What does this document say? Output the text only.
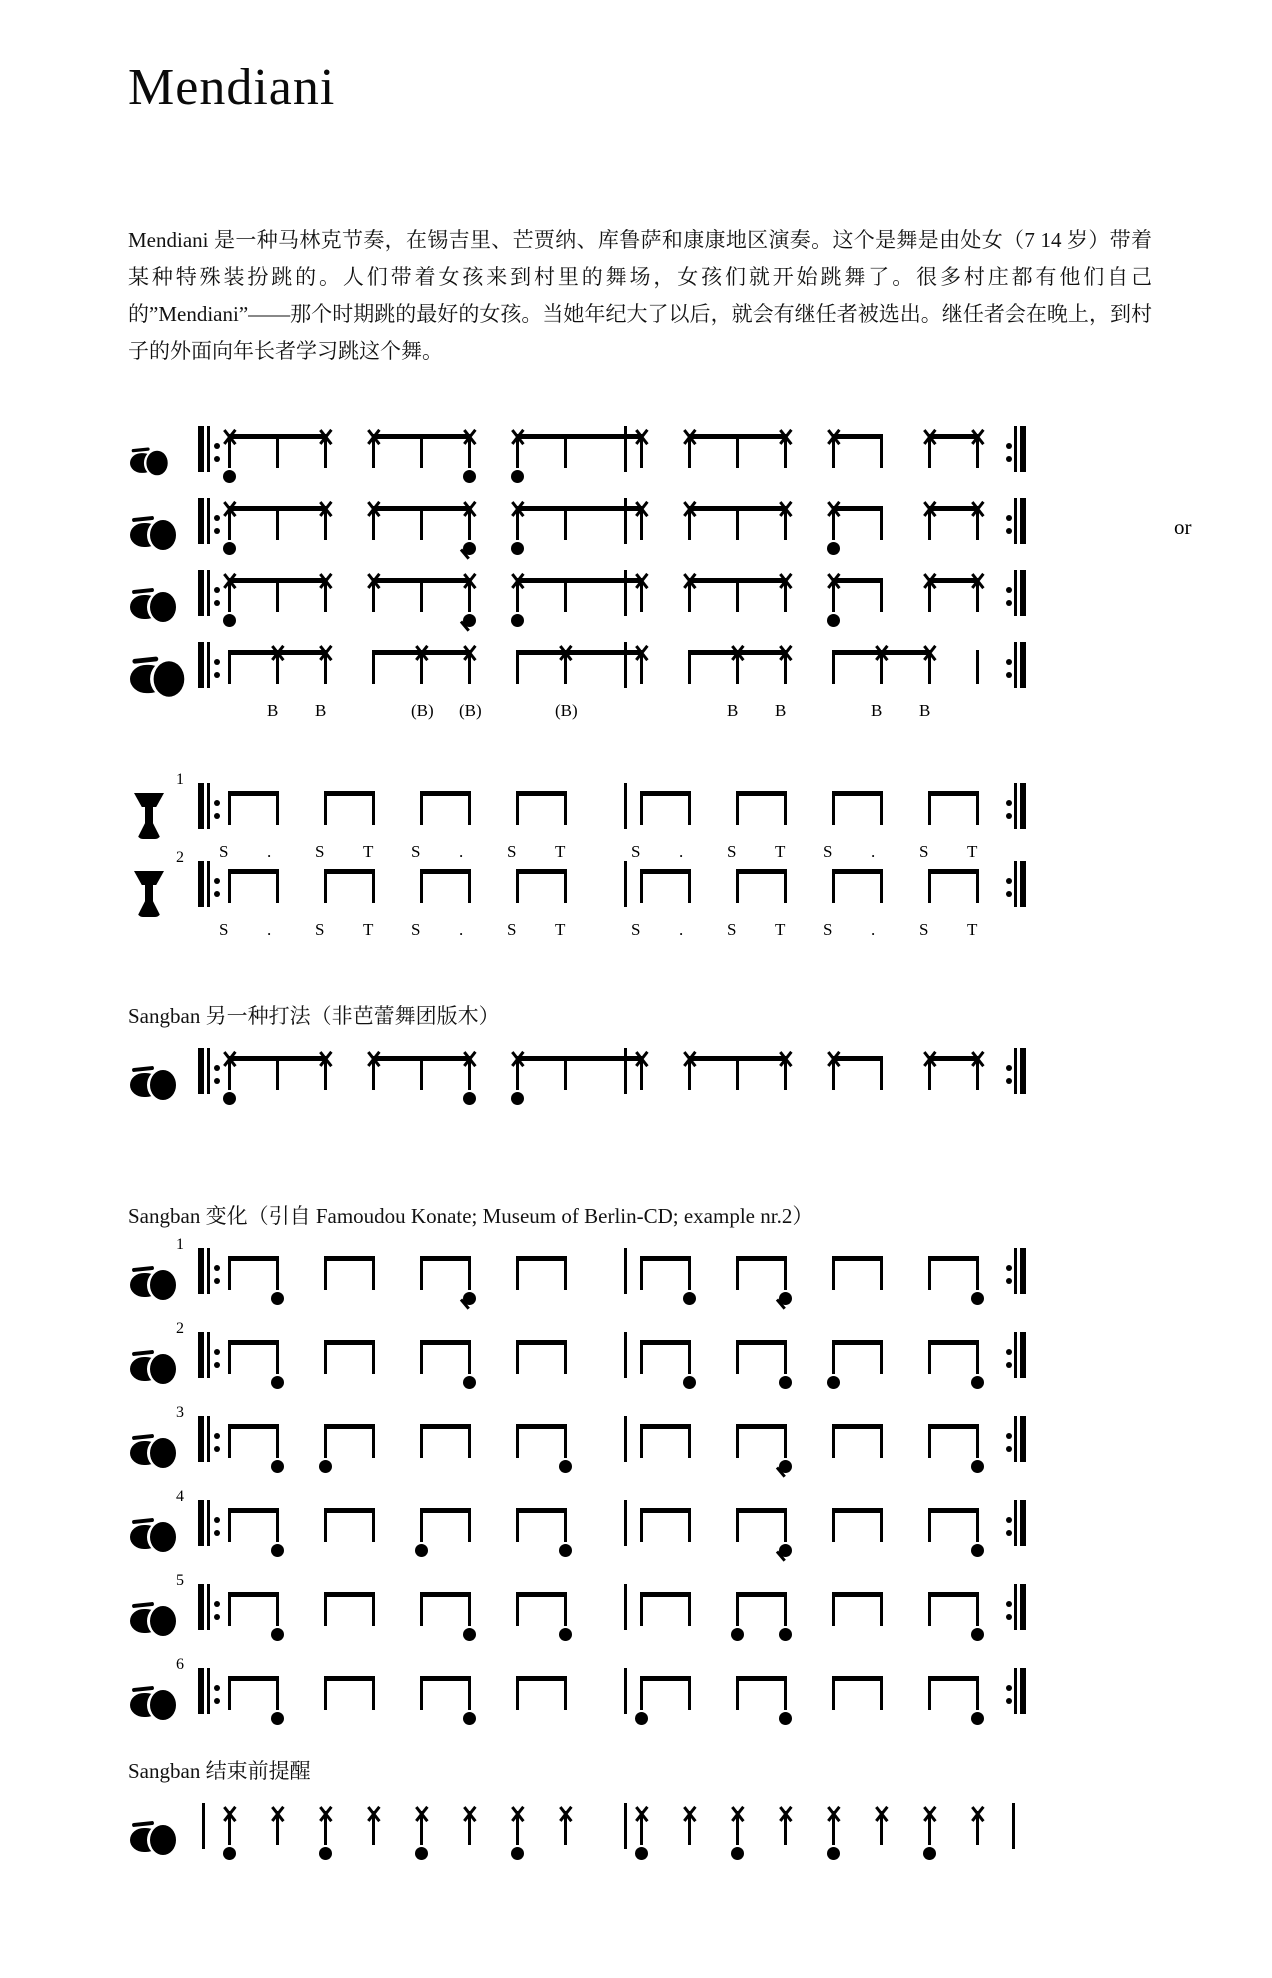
Mendiani
Mendiani 是一种马林克节奏，在锡吉里、芒贾纳、库鲁萨和康康地区演奏。这个是舞是由处女（7 14 岁）带着某种特殊装扮跳的。人们带着女孩来到村里的舞场，女孩们就开始跳舞了。很多村庄都有他们自己的”Mendiani”——那个时期跳的最好的女孩。当她年纪大了以后，就会有继任者被选出。继任者会在晚上，到村子的外面向年长者学习跳这个舞。
or
B B	(B) (B)	(B)	B B	B B
1
S .	S T S .	S T	S .	S T S .	S T
2
S .	S T S .	S T	S .	S T S .	S T
Sangban 另一种打法（非芭蕾舞团版木）
Sangban 变化（引自 Famoudou Konate; Museum of Berlin-CD; example nr.2）
1
2
3
4
5
6
Sangban 结束前提醒
